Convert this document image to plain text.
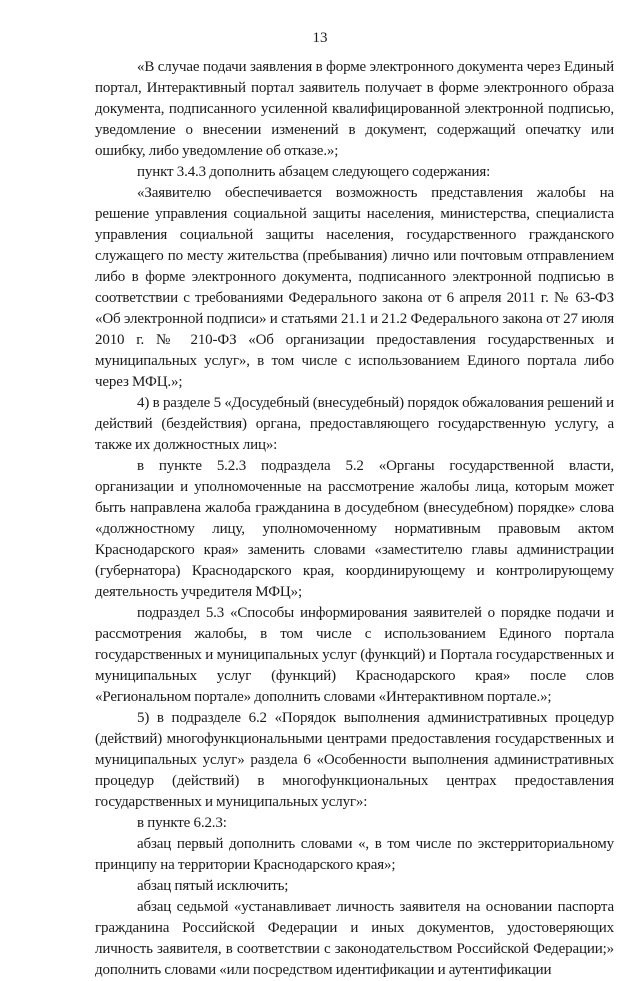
13

«В случае подачи заявления в форме электронного документа через Единый портал, Интерактивный портал заявитель получает в форме электронного образа документа, подписанного усиленной квалифицированной электронной подписью, уведомление о внесении изменений в документ, содержащий опечатку или ошибку, либо уведомление об отказе.»;

пункт 3.4.3 дополнить абзацем следующего содержания:

«Заявителю обеспечивается возможность представления жалобы на решение управления социальной защиты населения, министерства, специалиста управления социальной защиты населения, государственного гражданского служащего по месту жительства (пребывания) лично или почтовым отправлением либо в форме электронного документа, подписанного электронной подписью в соответствии с требованиями Федерального закона от 6 апреля 2011 г. № 63-ФЗ «Об электронной подписи» и статьями 21.1 и 21.2 Федерального закона от 27 июля 2010 г. № 210-ФЗ «Об организации предоставления государственных и муниципальных услуг», в том числе с использованием Единого портала либо через МФЦ.»;

4) в разделе 5 «Досудебный (внесудебный) порядок обжалования решений и действий (бездействия) органа, предоставляющего государственную услугу, а также их должностных лиц»:

в пункте 5.2.3 подраздела 5.2 «Органы государственной власти, организации и уполномоченные на рассмотрение жалобы лица, которым может быть направлена жалоба гражданина в досудебном (внесудебном) порядке» слова «должностному лицу, уполномоченному нормативным правовым актом Краснодарского края» заменить словами «заместителю главы администрации (губернатора) Краснодарского края, координирующему и контролирующему деятельность учредителя МФЦ»;

подраздел 5.3 «Способы информирования заявителей о порядке подачи и рассмотрения жалобы, в том числе с использованием Единого портала государственных и муниципальных услуг (функций) и Портала государственных и муниципальных услуг (функций) Краснодарского края» после слов «Региональном портале» дополнить словами «Интерактивном портале.»;

5) в подразделе 6.2 «Порядок выполнения административных процедур (действий) многофункциональными центрами предоставления государственных и муниципальных услуг» раздела 6 «Особенности выполнения административных процедур (действий) в многофункциональных центрах предоставления государственных и муниципальных услуг»:

в пункте 6.2.3:

абзац первый дополнить словами «, в том числе по экстерриториальному принципу на территории Краснодарского края»;

абзац пятый исключить;

абзац седьмой «устанавливает личность заявителя на основании паспорта гражданина Российской Федерации и иных документов, удостоверяющих личность заявителя, в соответствии с законодательством Российской Федерации;» дополнить словами «или посредством идентификации и аутентификации
